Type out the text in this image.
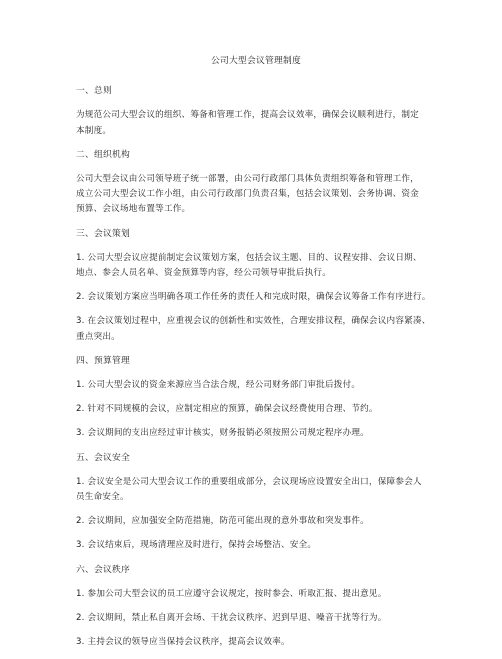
公司大型会议管理制度
一、总则
为规范公司大型会议的组织、筹备和管理工作，提高会议效率，确保会议顺利进行，制定
本制度。
二、组织机构
公司大型会议由公司领导班子统一部署，由公司行政部门具体负责组织筹备和管理工作，
成立公司大型会议工作小组，由公司行政部门负责召集，包括会议策划、会务协调、资金
预算、会议场地布置等工作。
三、会议策划
1. 公司大型会议应提前制定会议策划方案，包括会议主题、目的、议程安排、会议日期、
地点、参会人员名单、资金预算等内容，经公司领导审批后执行。
2. 会议策划方案应当明确各项工作任务的责任人和完成时限，确保会议筹备工作有序进行。
3. 在会议策划过程中，应重视会议的创新性和实效性，合理安排议程，确保会议内容紧凑、
重点突出。
四、预算管理
1. 公司大型会议的资金来源应当合法合规，经公司财务部门审批后拨付。
2. 针对不同规模的会议，应制定相应的预算，确保会议经费使用合理、节约。
3. 会议期间的支出应经过审计核实，财务报销必须按照公司规定程序办理。
五、会议安全
1. 会议安全是公司大型会议工作的重要组成部分，会议现场应设置安全出口，保障参会人
员生命安全。
2. 会议期间，应加强安全防范措施，防范可能出现的意外事故和突发事件。
3. 会议结束后，现场清理应及时进行，保持会场整洁、安全。
六、会议秩序
1. 参加公司大型会议的员工应遵守会议规定，按时参会、听取汇报、提出意见。
2. 会议期间，禁止私自离开会场、干扰会议秩序、迟到早退、噪音干扰等行为。
3. 主持会议的领导应当保持会议秩序，提高会议效率。
